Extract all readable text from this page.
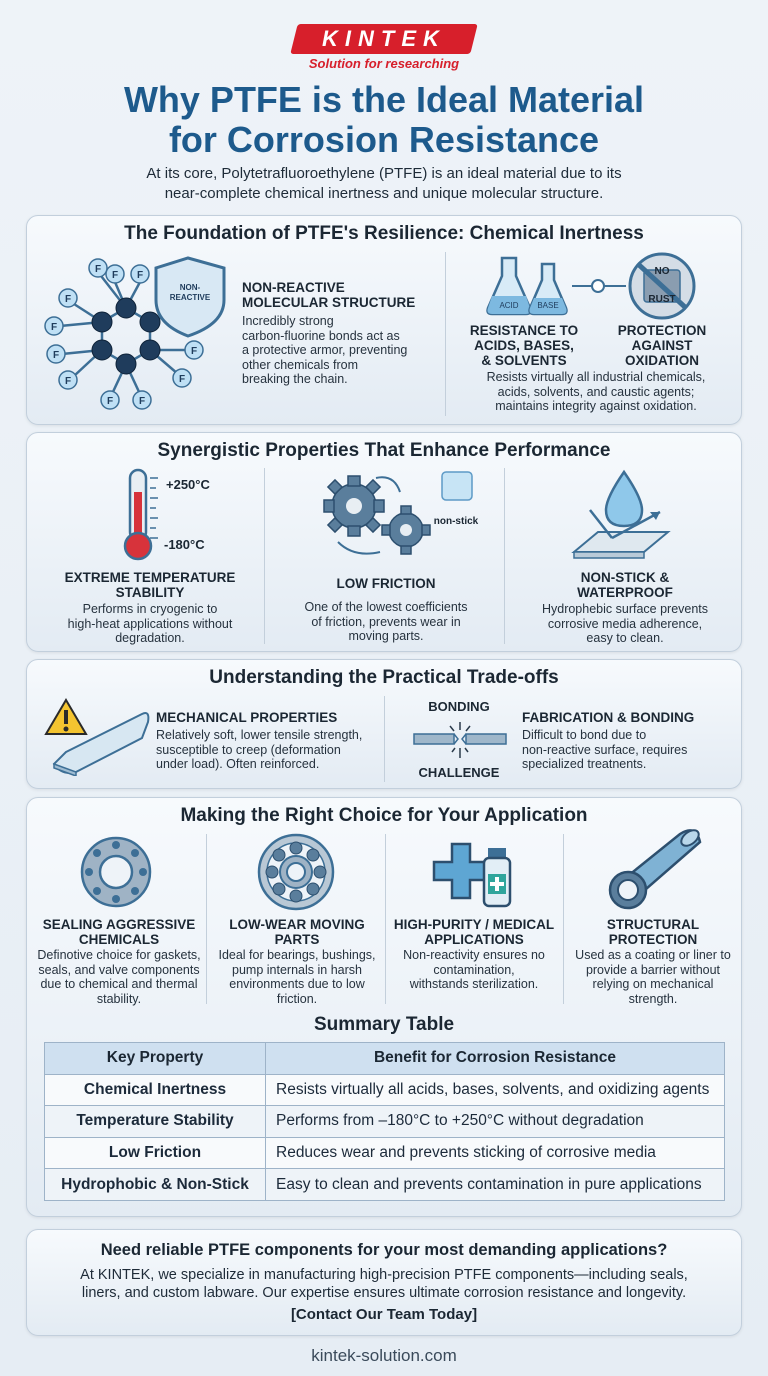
KINTEK
Solution for researching
Why PTFE is the Ideal Material
for Corrosion Resistance
At its core, Polytetrafluoroethylene (PTFE) is an ideal material due to its
near-complete chemical inertness and unique molecular structure.
The Foundation of PTFE's Resilience: Chemical Inertness
F F
F
F
F
F
F
F
F
F	F
NON-
REACTIVE
NON-REACTIVE
MOLECULAR STRUCTURE
Incredibly strong
carbon-fluorine bonds act as
a protective armor, preventing
other chemicals from
breaking the chain.
ACID BASE
NO
RUST
RESISTANCE TO
ACIDS, BASES,
& SOLVENTS
PROTECTION
AGAINST
OXIDATION
Resists virtually all industrial chemicals,
acids, solvents, and caustic agents;
maintains integrity against oxidation.
Synergistic Properties That Enhance Performance
+250°C
-180°C
non-stick
EXTREME TEMPERATURE
STABILITY
Performs in cryogenic to
high-heat applications without
degradation.
LOW FRICTION
One of the lowest coefficients
of friction, prevents wear in
moving parts.
NON-STICK &
WATERPROOF
Hydrophebic surface prevents
corrosive media adherence,
easy to clean.
Understanding the Practical Trade-offs
MECHANICAL PROPERTIES
Relatively soft, lower tensile strength,
susceptible to creep (deformation
under load). Often reinforced.
BONDING
CHALLENGE
FABRICATION & BONDING
Difficult to bond due to
non-reactive surface, requires
specialized treatnents.
Making the Right Choice for Your Application
SEALING AGGRESSIVE
CHEMICALS
Definotive choice for gaskets,
seals, and valve components
due to chemical and thermal
stability.
LOW-WEAR MOVING
PARTS
Ideal for bearings, bushings,
pump internals in harsh
environments due to low
friction.
HIGH-PURITY / MEDICAL
APPLICATIONS
Non-reactivity ensures no
contamination,
withstands sterilization.
STRUCTURAL
PROTECTION
Used as a coating or liner to
provide a barrier without
relying on mechanical
strength.
Summary Table
Key Property	Benefit for Corrosion Resistance
Chemical Inertness	Resists virtually all acids, bases, solvents, and oxidizing agents
Temperature Stability	Performs from –180°C to +250°C without degradation
Low Friction	Reduces wear and prevents sticking of corrosive media
Hydrophobic & Non-Stick	Easy to clean and prevents contamination in pure applications
Need reliable PTFE components for your most demanding applications?
At KINTEK, we specialize in manufacturing high-precision PTFE components—including seals,
liners, and custom labware. Our expertise ensures ultimate corrosion resistance and longevity.
[Contact Our Team Today]
kintek-solution.com
